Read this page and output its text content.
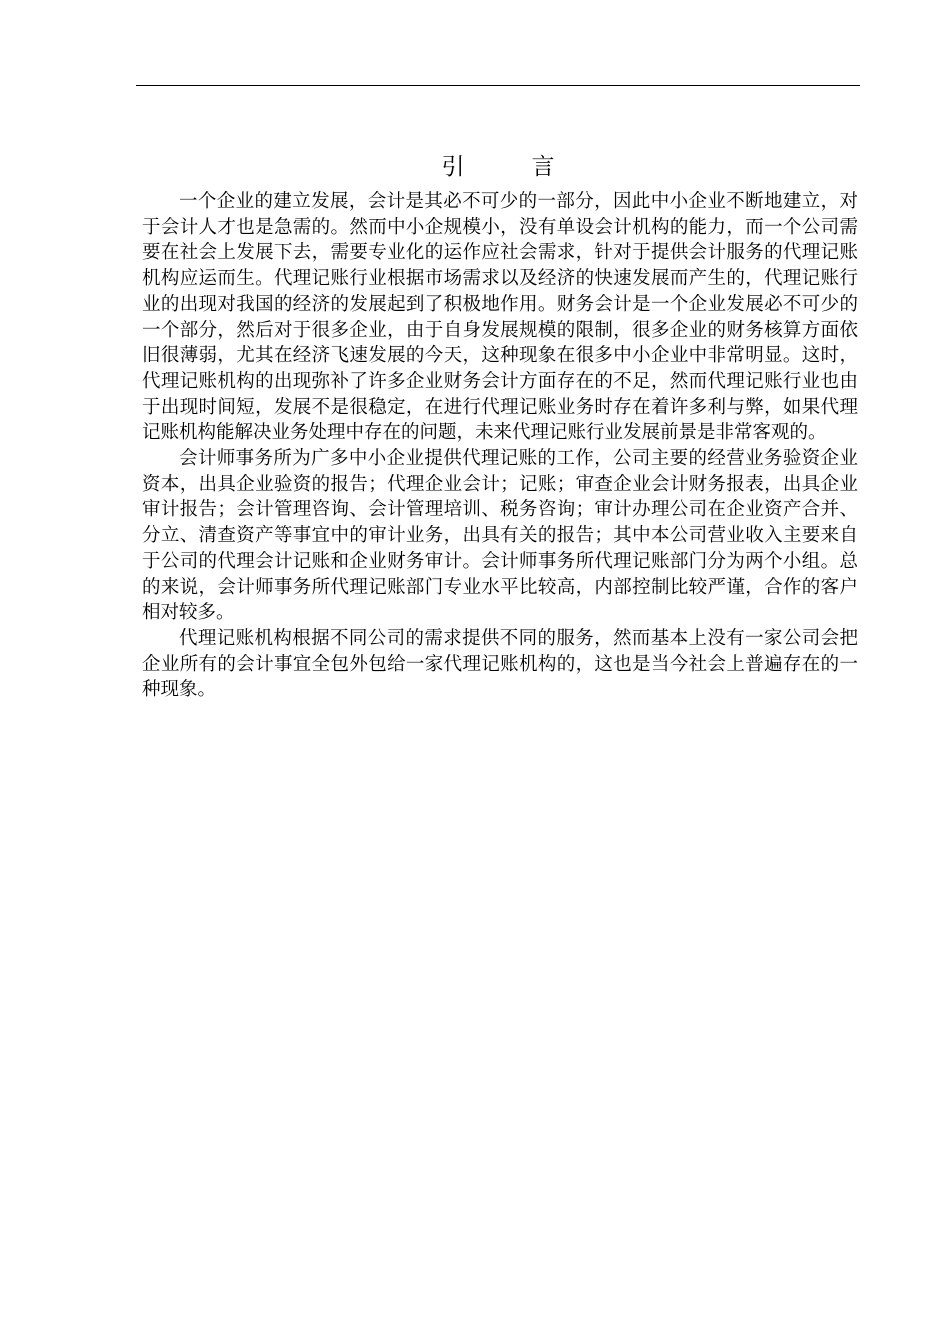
引　言

一个企业的建立发展，会计是其必不可少的一部分，因此中小企业不断地建立，对于会计人才也是急需的。然而中小企规模小，没有单设会计机构的能力，而一个公司需要在社会上发展下去，需要专业化的运作应社会需求，针对于提供会计服务的代理记账机构应运而生。代理记账行业根据市场需求以及经济的快速发展而产生的，代理记账行业的出现对我国的经济的发展起到了积极地作用。财务会计是一个企业发展必不可少的一个部分，然后对于很多企业，由于自身发展规模的限制，很多企业的财务核算方面依旧很薄弱，尤其在经济飞速发展的今天，这种现象在很多中小企业中非常明显。这时，代理记账机构的出现弥补了许多企业财务会计方面存在的不足，然而代理记账行业也由于出现时间短，发展不是很稳定，在进行代理记账业务时存在着许多利与弊，如果代理记账机构能解决业务处理中存在的问题，未来代理记账行业发展前景是非常客观的。

会计师事务所为广多中小企业提供代理记账的工作，公司主要的经营业务验资企业资本，出具企业验资的报告；代理企业会计；记账；审查企业会计财务报表，出具企业审计报告；会计管理咨询、会计管理培训、税务咨询；审计办理公司在企业资产合并、分立、清查资产等事宜中的审计业务，出具有关的报告；其中本公司营业收入主要来自于公司的代理会计记账和企业财务审计。会计师事务所代理记账部门分为两个小组。总的来说，会计师事务所代理记账部门专业水平比较高，内部控制比较严谨，合作的客户相对较多。

代理记账机构根据不同公司的需求提供不同的服务，然而基本上没有一家公司会把企业所有的会计事宜全包外包给一家代理记账机构的，这也是当今社会上普遍存在的一种现象。
